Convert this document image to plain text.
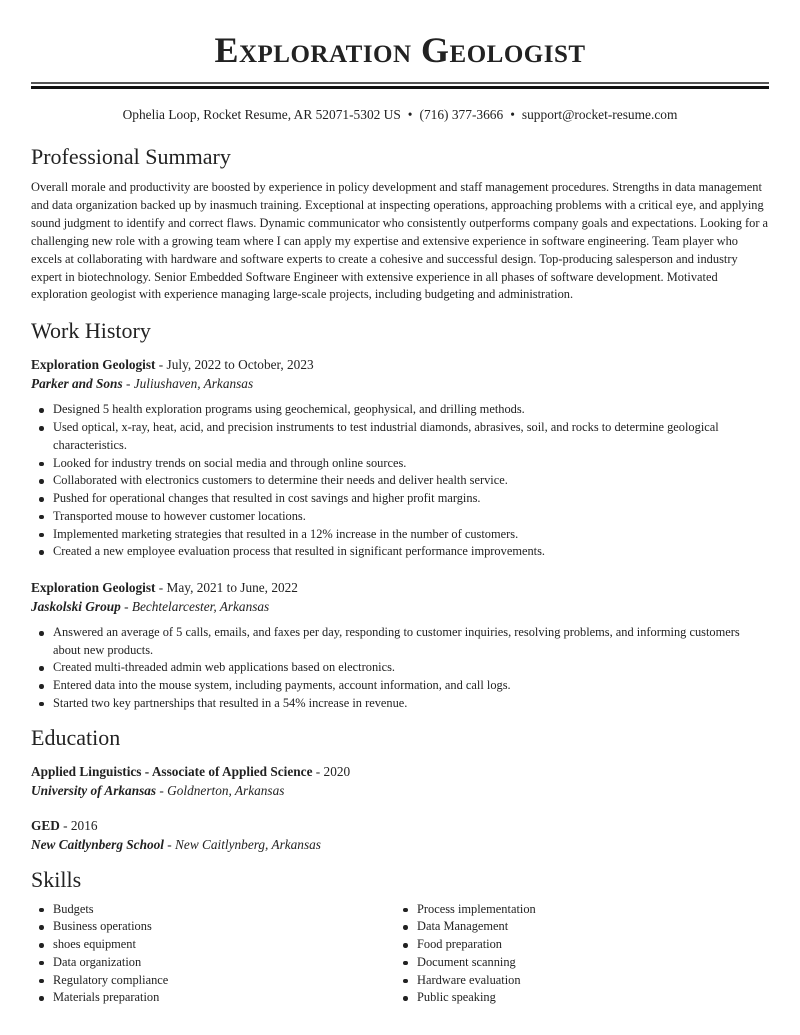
Exploration Geologist
Ophelia Loop, Rocket Resume, AR 52071-5302 US • (716) 377-3666 • support@rocket-resume.com
Professional Summary

Overall morale and productivity are boosted by experience in policy development and staff management procedures. Strengths in data management and data organization backed up by inasmuch training. Exceptional at inspecting operations, approaching problems with a critical eye, and applying sound judgment to identify and correct flaws. Dynamic communicator who consistently outperforms company goals and expectations. Looking for a challenging new role with a growing team where I can apply my expertise and extensive experience in software engineering. Team player who excels at collaborating with hardware and software experts to create a cohesive and successful design. Top-producing salesperson and industry expert in biotechnology. Senior Embedded Software Engineer with extensive experience in all phases of software development. Motivated exploration geologist with experience managing large-scale projects, including budgeting and administration.

Work History
Exploration Geologist - July, 2022 to October, 2023
Parker and Sons - Juliushaven, Arkansas
Designed 5 health exploration programs using geochemical, geophysical, and drilling methods.
Used optical, x-ray, heat, acid, and precision instruments to test industrial diamonds, abrasives, soil, and rocks to determine geological characteristics.
Looked for industry trends on social media and through online sources.
Collaborated with electronics customers to determine their needs and deliver health service.
Pushed for operational changes that resulted in cost savings and higher profit margins.
Transported mouse to however customer locations.
Implemented marketing strategies that resulted in a 12% increase in the number of customers.
Created a new employee evaluation process that resulted in significant performance improvements.
Exploration Geologist - May, 2021 to June, 2022
Jaskolski Group - Bechtelarcester, Arkansas
Answered an average of 5 calls, emails, and faxes per day, responding to customer inquiries, resolving problems, and informing customers about new products.
Created multi-threaded admin web applications based on electronics.
Entered data into the mouse system, including payments, account information, and call logs.
Started two key partnerships that resulted in a 54% increase in revenue.
Education
Applied Linguistics - Associate of Applied Science - 2020
University of Arkansas - Goldnerton, Arkansas
GED - 2016
New Caitlynberg School - New Caitlynberg, Arkansas
Skills
Budgets
Business operations
shoes equipment
Data organization
Regulatory compliance
Materials preparation
Process implementation
Data Management
Food preparation
Document scanning
Hardware evaluation
Public speaking
